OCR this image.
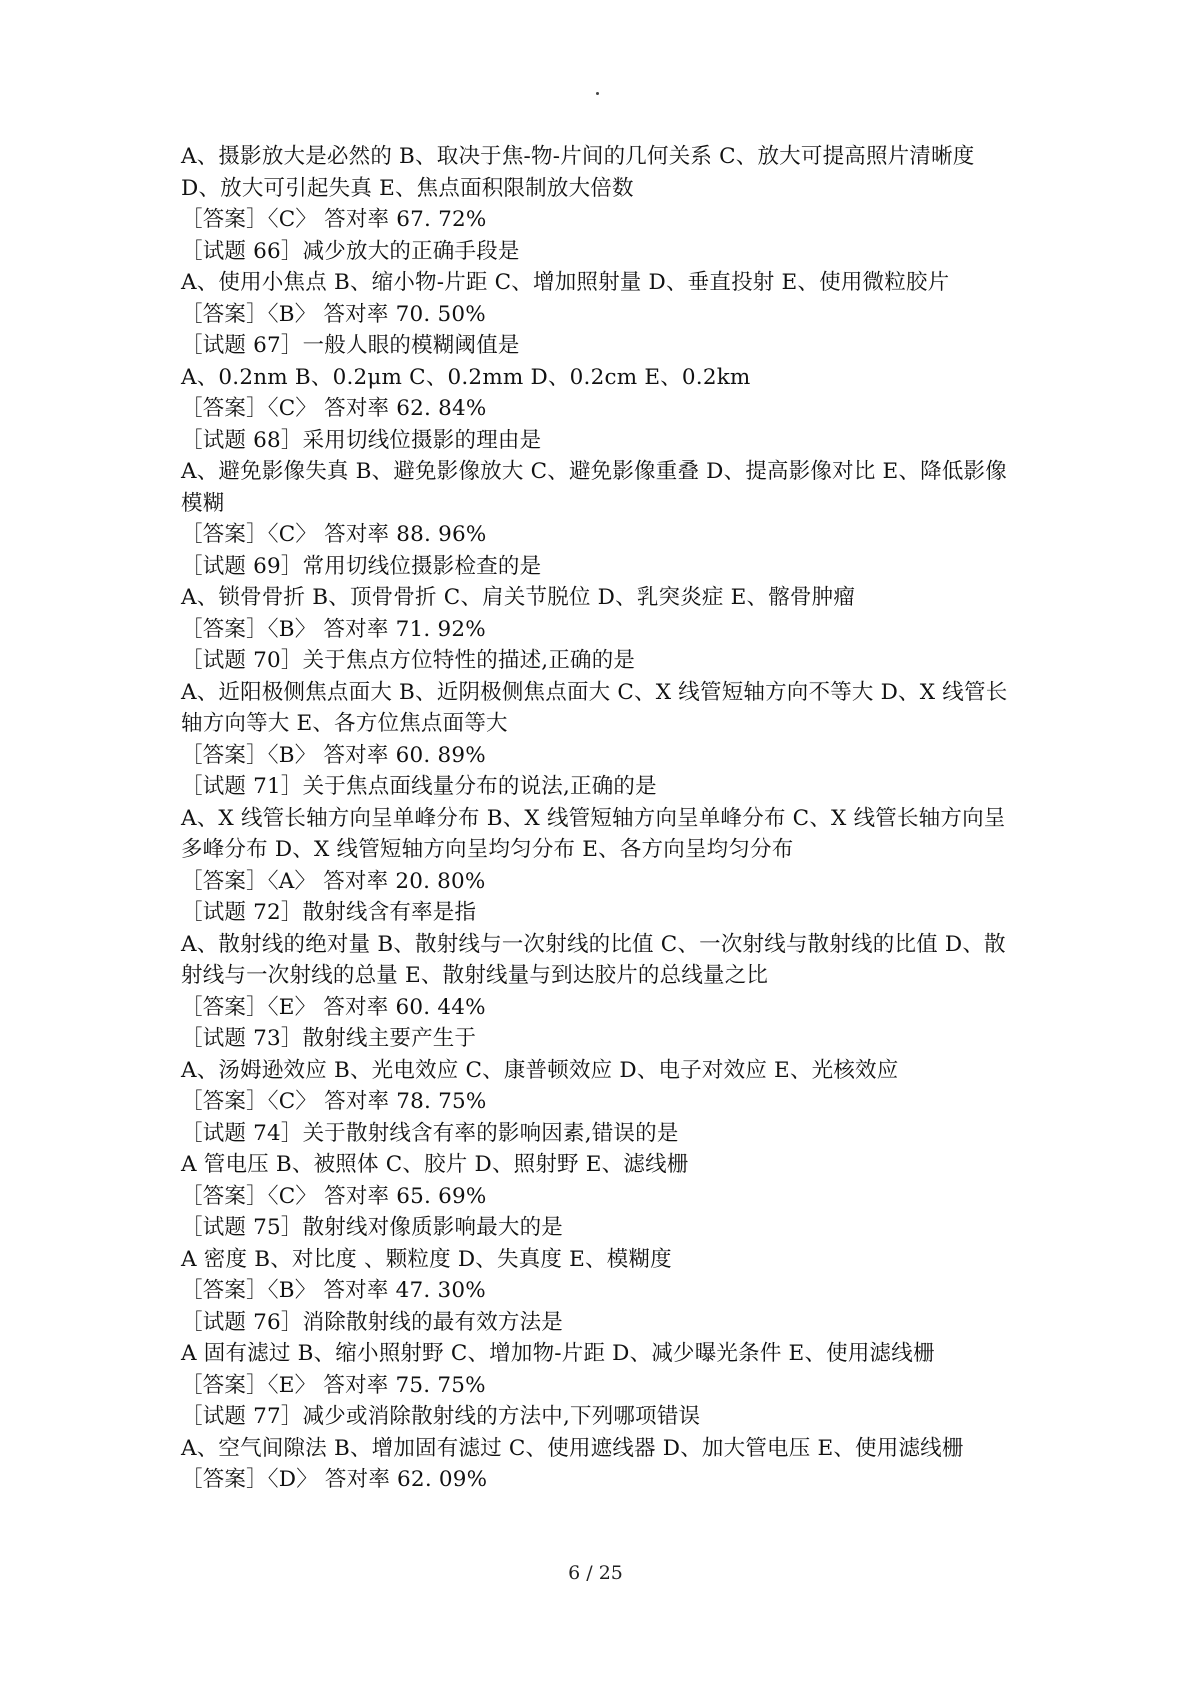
A、摄影放大是必然的 B、取决于焦-物-片间的几何关系 C、放大可提高照片清晰度 D、放大可引起失真 E、焦点面积限制放大倍数
［答案］〈C〉 答对率 67. 72%
［试题 66］减少放大的正确手段是
A、使用小焦点 B、缩小物-片距 C、增加照射量 D、垂直投射 E、使用微粒胶片
［答案］〈B〉 答对率 70. 50%
［试题 67］一般人眼的模糊阈值是
A、0.2nm B、0.2μm C、0.2mm D、0.2cm E、0.2km
［答案］〈C〉 答对率 62. 84%
［试题 68］采用切线位摄影的理由是
A、避免影像失真 B、避免影像放大 C、避免影像重叠 D、提高影像对比 E、降低影像模糊
［答案］〈C〉 答对率 88. 96%
［试题 69］常用切线位摄影检查的是
A、锁骨骨折 B、顶骨骨折 C、肩关节脱位 D、乳突炎症 E、髂骨肿瘤
［答案］〈B〉 答对率 71. 92%
［试题 70］关于焦点方位特性的描述,正确的是
A、近阳极侧焦点面大 B、近阴极侧焦点面大 C、X 线管短轴方向不等大 D、X 线管长轴方向等大 E、各方位焦点面等大
［答案］〈B〉 答对率 60. 89%
［试题 71］关于焦点面线量分布的说法,正确的是
A、X 线管长轴方向呈单峰分布 B、X 线管短轴方向呈单峰分布 C、X 线管长轴方向呈多峰分布 D、X 线管短轴方向呈均匀分布 E、各方向呈均匀分布
［答案］〈A〉 答对率 20. 80%
［试题 72］散射线含有率是指
A、散射线的绝对量 B、散射线与一次射线的比值 C、一次射线与散射线的比值 D、散射线与一次射线的总量 E、散射线量与到达胶片的总线量之比
［答案］〈E〉 答对率 60. 44%
［试题 73］散射线主要产生于
A、汤姆逊效应 B、光电效应 C、康普顿效应 D、电子对效应 E、光核效应
［答案］〈C〉 答对率 78. 75%
［试题 74］关于散射线含有率的影响因素,错误的是
A 管电压 B、被照体 C、胶片 D、照射野 E、滤线栅
［答案］〈C〉 答对率 65. 69%
［试题 75］散射线对像质影响最大的是
A 密度 B、对比度 、颗粒度 D、失真度 E、模糊度
［答案］〈B〉 答对率 47. 30%
［试题 76］消除散射线的最有效方法是
A 固有滤过 B、缩小照射野 C、增加物-片距 D、减少曝光条件 E、使用滤线栅
［答案］〈E〉 答对率 75. 75%
［试题 77］减少或消除散射线的方法中,下列哪项错误
A、空气间隙法 B、增加固有滤过 C、使用遮线器 D、加大管电压 E、使用滤线栅
［答案］〈D〉 答对率 62. 09%
6 / 25
